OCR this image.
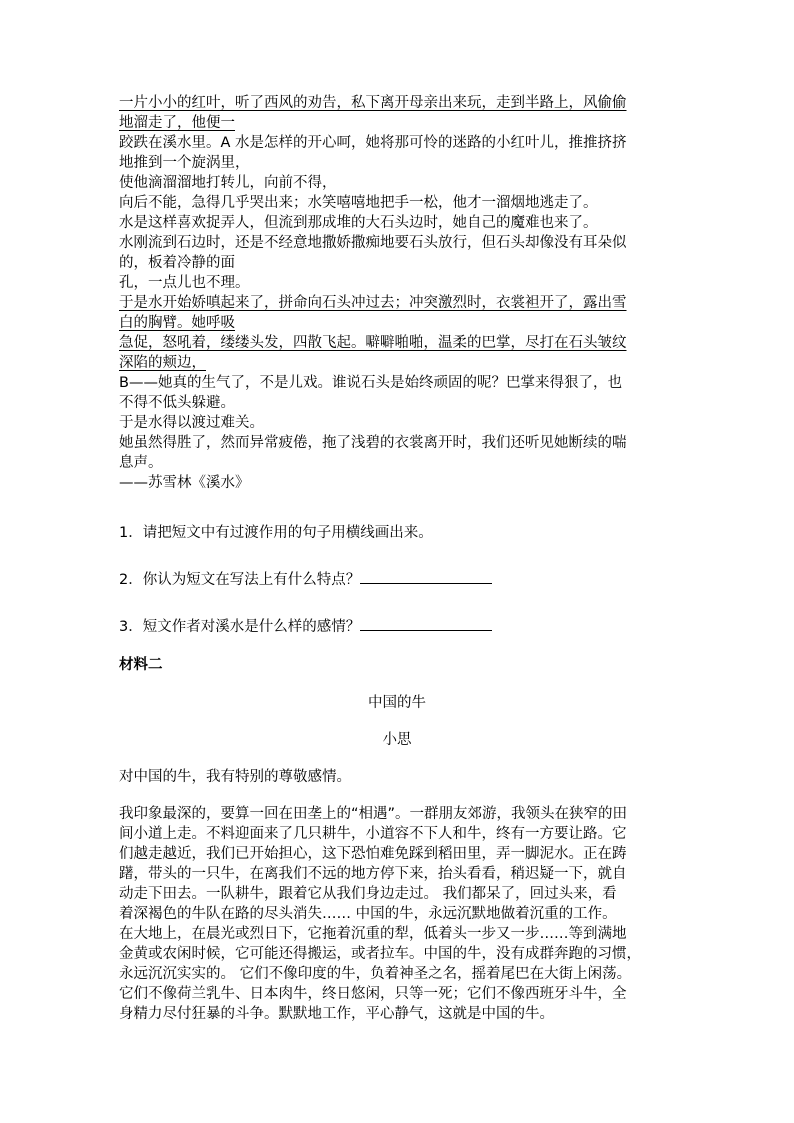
一片小小的红叶，听了西风的劝告，私下离开母亲出来玩，走到半路上，风偷偷
地溜走了，他便一
跤跌在溪水里。A 水是怎样的开心呵，她将那可怜的迷路的小红叶儿，推推挤挤
地推到一个旋涡里，
使他滴溜溜地打转儿，向前不得，
向后不能，急得几乎哭出来；水笑嘻嘻地把手一松，他才一溜烟地逃走了。
水是这样喜欢捉弄人，但流到那成堆的大石头边时，她自己的魔难也来了。
水刚流到石边时，还是不经意地撒娇撒痴地要石头放行，但石头却像没有耳朵似
的，板着冷静的面
孔，一点儿也不理。
于是水开始娇嗔起来了，拼命向石头冲过去；冲突激烈时，衣裳袒开了，露出雪
白的胸臂。她呼吸
急促，怒吼着，缕缕头发，四散飞起。噼噼啪啪，温柔的巴掌，尽打在石头皱纹
深陷的颊边，
B——她真的生气了，不是儿戏。谁说石头是始终顽固的呢？巴掌来得狠了，也
不得不低头躲避。
于是水得以渡过难关。
她虽然得胜了，然而异常疲倦，拖了浅碧的衣裳离开时，我们还听见她断续的喘
息声。
——苏雪林《溪水》
1．请把短文中有过渡作用的句子用横线画出来。
2．你认为短文在写法上有什么特点？
3．短文作者对溪水是什么样的感情？
材料二
中国的牛
小思
对中国的牛，我有特别的尊敬感情。
我印象最深的，要算一回在田垄上的“相遇”。一群朋友郊游，我领头在狭窄的田
间小道上走。不料迎面来了几只耕牛，小道容不下人和牛，终有一方要让路。它
们越走越近，我们已开始担心，这下恐怕难免踩到稻田里，弄一脚泥水。正在踌
躇，带头的一只牛，在离我们不远的地方停下来，抬头看看，稍迟疑一下，就自
动走下田去。一队耕牛，跟着它从我们身边走过。 我们都呆了，回过头来，看
着深褐色的牛队在路的尽头消失…… 中国的牛，永远沉默地做着沉重的工作。
在大地上，在晨光或烈日下，它拖着沉重的犁，低着头一步又一步……等到满地
金黄或农闲时候，它可能还得搬运，或者拉车。中国的牛，没有成群奔跑的习惯，
永远沉沉实实的。 它们不像印度的牛，负着神圣之名，摇着尾巴在大街上闲荡。
它们不像荷兰乳牛、日本肉牛，终日悠闲，只等一死；它们不像西班牙斗牛，全
身精力尽付狂暴的斗争。默默地工作，平心静气，这就是中国的牛。
